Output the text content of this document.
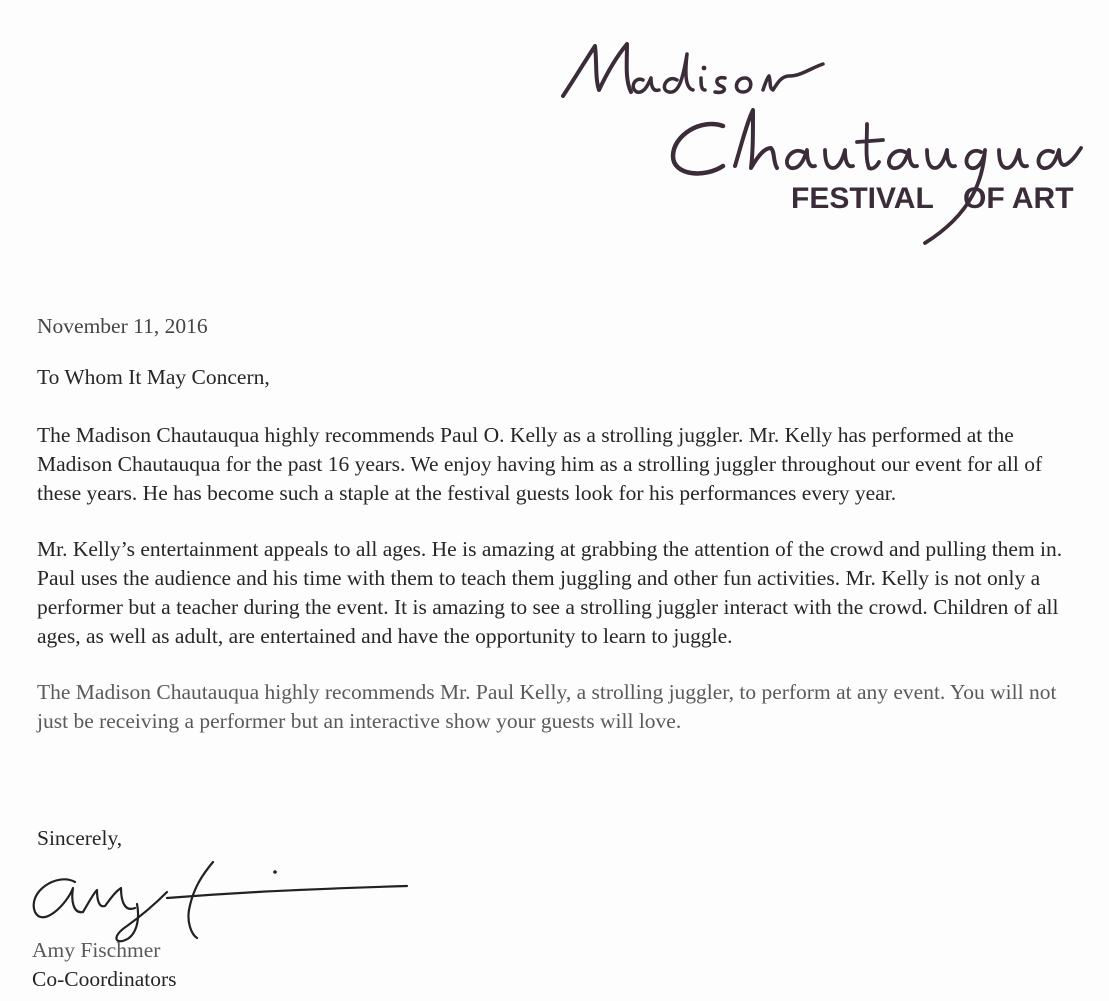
FESTIVAL OF ART

November 11, 2016

To Whom It May Concern,

The Madison Chautauqua highly recommends Paul O. Kelly as a strolling juggler. Mr. Kelly has performed at the Madison Chautauqua for the past 16 years. We enjoy having him as a strolling juggler throughout our event for all of these years. He has become such a staple at the festival guests look for his performances every year.

Mr. Kelly’s entertainment appeals to all ages. He is amazing at grabbing the attention of the crowd and pulling them in. Paul uses the audience and his time with them to teach them juggling and other fun activities. Mr. Kelly is not only a performer but a teacher during the event. It is amazing to see a strolling juggler interact with the crowd. Children of all ages, as well as adult, are entertained and have the opportunity to learn to juggle.

The Madison Chautauqua highly recommends Mr. Paul Kelly, a strolling juggler, to perform at any event. You will not just be receiving a performer but an interactive show your guests will love.

Sincerely,

Amy Fischmer
Co-Coordinators
